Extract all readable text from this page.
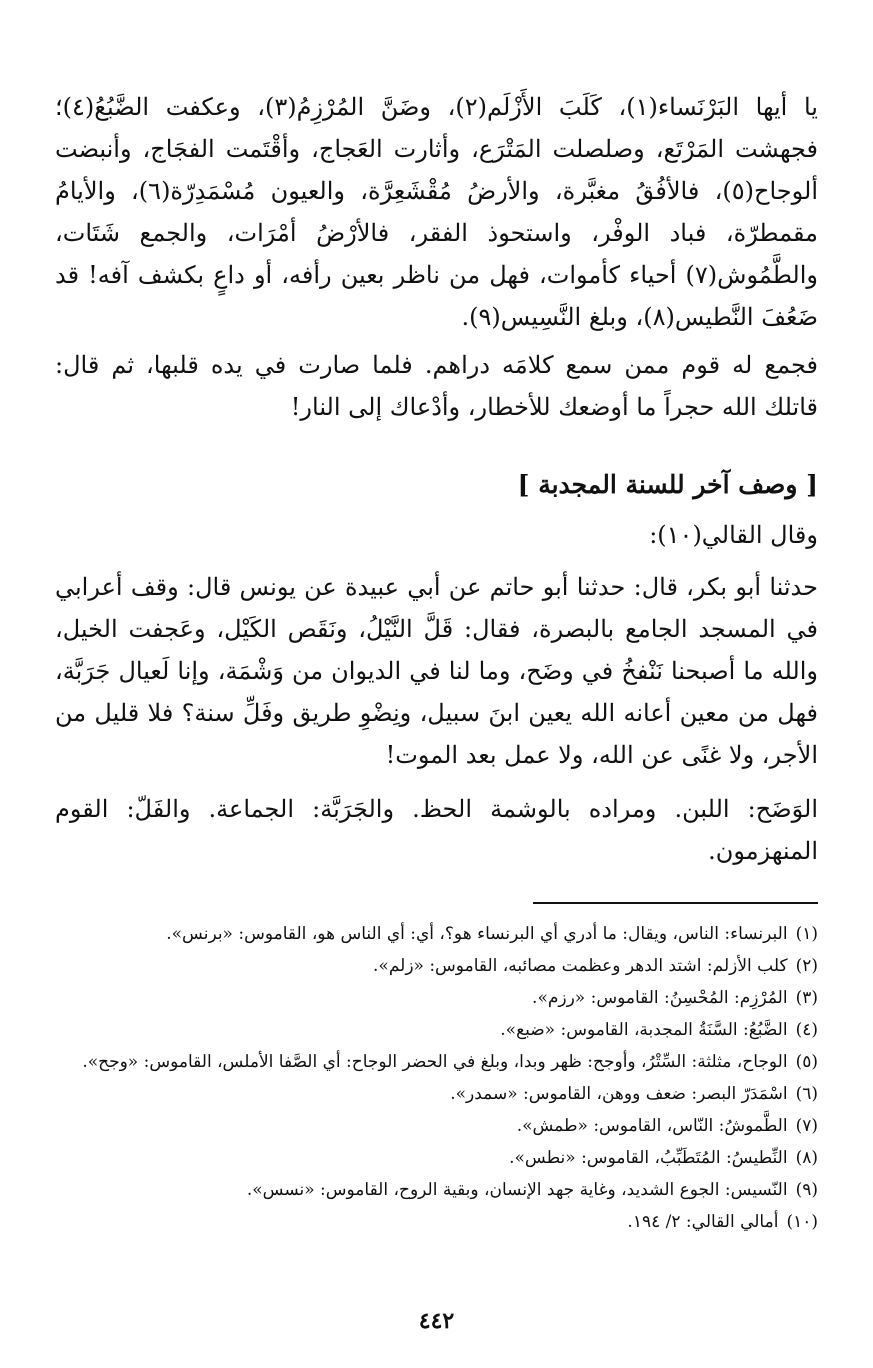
يا أيها البَرْنَساء(١)، كَلَبَ الأَزْلَم(٢)، وضَنَّ المُرْزِمُ(٣)، وعكفت الضَّبُعُ(٤)؛ فجهشت المَرْتَع، وصلصلت المَتْرَع، وأثارت العَجاج، وأقْتَمت الفجَاج، وأنبضت ألوجاح(٥)، فالأفُقُ مغبَّرة، والأرضُ مُقْشَعِرَّة، والعيون مُسْمَدِرّة(٦)، والأيامُ مقمطرّة، فباد الوفْر، واستحوذ الفقر، فالأرْضُ أمْرَات، والجمع شَتَات، والطَّمُوش(٧) أحياء كأموات، فهل من ناظر بعين رأفه، أو داعٍ بكشف آفه! قد ضَعُفَ النَّطيس(٨)، وبلغ النَّسِيس(٩).

فجمع له قوم ممن سمع كلامَه دراهم. فلما صارت في يده قلبها، ثم قال: قاتلك الله حجراً ما أوضعك للأخطار، وأدْعاك إلى النار!

[ وصف آخر للسنة المجدبة ]

وقال القالي(١٠):

حدثنا أبو بكر، قال: حدثنا أبو حاتم عن أبي عبيدة عن يونس قال: وقف أعرابي في المسجد الجامع بالبصرة، فقال: قَلَّ النَّيْلُ، ونَقَص الكَيْل، وعَجفت الخيل، والله ما أصبحنا نَنْفخُ في وضَح، وما لنا في الديوان من وَشْمَة، وإنا لَعيال جَرَبَّة، فهل من معين أعانه الله يعين ابنَ سبيل، ونِضْوِ طريق وفَلِّ سنة؟ فلا قليل من الأجر، ولا غنًى عن الله، ولا عمل بعد الموت!

الوَضَح: اللبن. ومراده بالوشمة الحظ. والجَرَبَّة: الجماعة. والفَلّ: القوم المنهزمون.

(١)
البرنساء: الناس، ويقال: ما أدري أي البرنساء هو؟، أي: أي الناس هو، القاموس: «برنس».
(٢)
كلب الأزلم: اشتد الدهر وعظمت مصائبه، القاموس: «زلم».
(٣)
المُرْزِم: المُحْسِنُ: القاموس: «رزم».
(٤)
الضَّبُعُ: السَّنَةُ المجدبة، القاموس: «ضبع».
(٥)
الوجاح، مثلثة: السِّتْرُ، وأوجح: ظهر وبدا، وبلغ في الحضر الوجاح: أي الصَّفا الأملس، القاموس: «وجح».
(٦)
اسْمَدَرّ البصر: ضعف ووهن، القاموس: «سمدر».
(٧)
الطَّموشُ: النّاس، القاموس: «طمش».
(٨)
النِّطيسُ: المُتَطَبِّبُ، القاموس: «نطس».
(٩)
النّسيس: الجوع الشديد، وغاية جهد الإنسان، وبقية الروح، القاموس: «نسس».
(١٠)
أمالي القالي: ٢/ ١٩٤.
٤٤٢
